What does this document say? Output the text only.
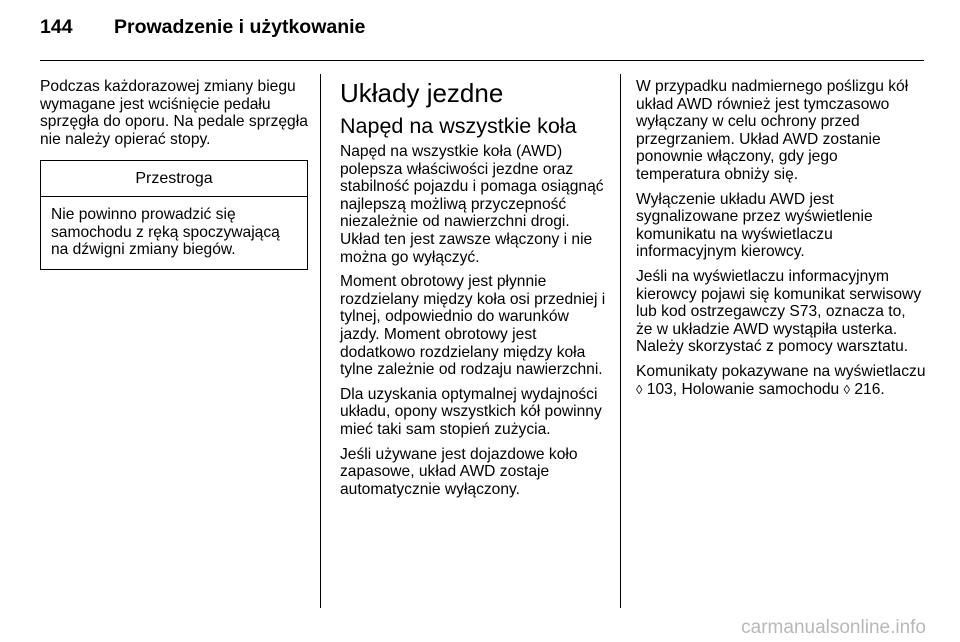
144 Prowadzenie i użytkowanie

Podczas każdorazowej zmiany biegu wymagane jest wciśnięcie pedału sprzęgła do oporu. Na pedale sprzęgła nie należy opierać stopy.

Przestroga
Nie powinno prowadzić się samochodu z ręką spoczywającą na dźwigni zmiany biegów.
Układy jezdne
Napęd na wszystkie koła

Napęd na wszystkie koła (AWD) polepsza właściwości jezdne oraz stabilność pojazdu i pomaga osiągnąć najlepszą możliwą przyczepność niezależnie od nawierzchni drogi. Układ ten jest zawsze włączony i nie można go wyłączyć.

Moment obrotowy jest płynnie rozdzielany między koła osi przedniej i tylnej, odpowiednio do warunków jazdy. Moment obrotowy jest dodatkowo rozdzielany między koła tylne zależnie od rodzaju nawierzchni.

Dla uzyskania optymalnej wydajności układu, opony wszystkich kół powinny mieć taki sam stopień zużycia.

Jeśli używane jest dojazdowe koło zapasowe, układ AWD zostaje automatycznie wyłączony.

W przypadku nadmiernego poślizgu kół układ AWD również jest tymczasowo wyłączany w celu ochrony przed przegrzaniem. Układ AWD zostanie ponownie włączony, gdy jego temperatura obniży się.

Wyłączenie układu AWD jest sygnalizowane przez wyświetlenie komunikatu na wyświetlaczu informacyjnym kierowcy.

Jeśli na wyświetlaczu informacyjnym kierowcy pojawi się komunikat serwisowy lub kod ostrzegawczy S73, oznacza to, że w układzie AWD wystąpiła usterka. Należy skorzystać z pomocy warsztatu.

Komunikaty pokazywane na wyświetlaczu ◊ 103, Holowanie samochodu ◊ 216.

carmanualsonline.info
